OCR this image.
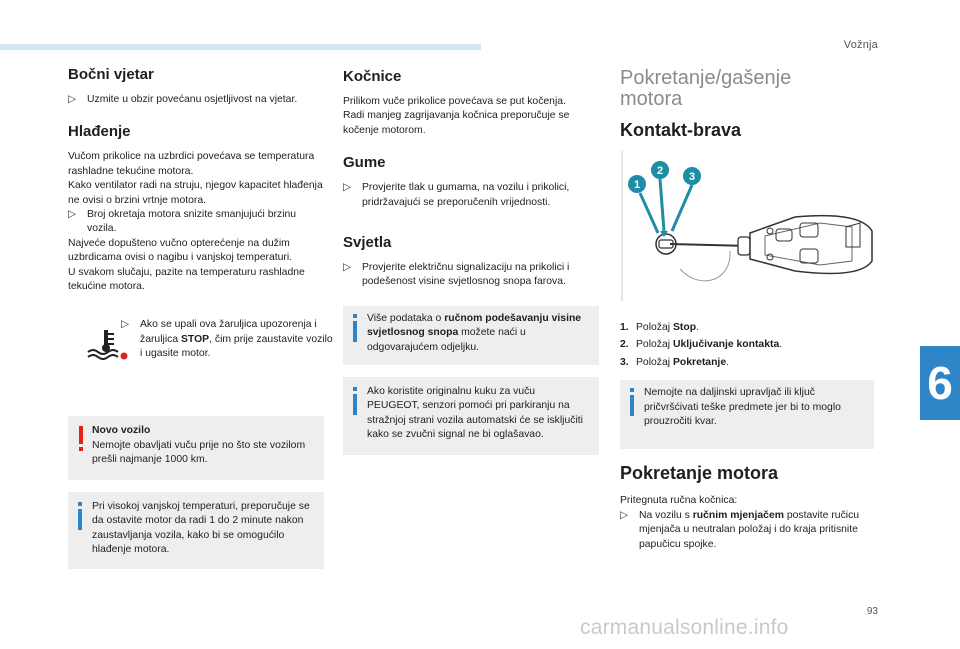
Vožnja
6
93
Bočni vjetar

▷ Uzmite u obzir povećanu osjetljivost na vjetar.

Hlađenje

Vučom prikolice na uzbrdici povećava se temperatura rashladne tekućine motora.

Kako ventilator radi na struju, njegov kapacitet hlađenja ne ovisi o brzini vrtnje motora.

▷ Broj okretaja motora snizite smanjujući brzinu vozila.

Najveće dopušteno vučno opterećenje na dužim uzbrdicama ovisi o nagibu i vanjskoj temperaturi.

U svakom slučaju, pazite na temperaturu rashladne tekućine motora.

▷ Ako se upali ova žaruljica upozorenja i žaruljica STOP, čim prije zaustavite vozilo i ugasite motor.

Novo vozilo

Nemojte obavljati vuču prije no što ste vozilom prešli najmanje 1000 km.

Pri visokoj vanjskoj temperaturi, preporučuje se da ostavite motor da radi 1 do 2 minute nakon zaustavljanja vozila, kako bi se omogućilo hlađenje motora.

Kočnice

Prilikom vuče prikolice povećava se put kočenja.

Radi manjeg zagrijavanja kočnica preporučuje se kočenje motorom.

Gume

▷ Provjerite tlak u gumama, na vozilu i prikolici, pridržavajući se preporučenih vrijednosti.

Svjetla

▷ Provjerite električnu signalizaciju na prikolici i podešenost visine svjetlosnog snopa farova.

Više podataka o ručnom podešavanju visine svjetlosnog snopa možete naći u odgovarajućem odjeljku.

Ako koristite originalnu kuku za vuču PEUGEOT, senzori pomoći pri parkiranju na stražnjoj strani vozila automatski će se isključiti kako se zvučni signal ne bi oglašavao.

Pokretanje/gašenje
motora
Kontakt-brava
1
2 3

1. Položaj Stop.

2. Položaj Uključivanje kontakta.

3. Položaj Pokretanje.

Nemojte na daljinski upravljač ili ključ pričvršćivati teške predmete jer bi to moglo prouzročiti kvar.

Pokretanje motora

Pritegnuta ručna kočnica:

▷ Na vozilu s ručnim mjenjačem postavite ručicu mjenjača u neutralan položaj i do kraja pritisnite papučicu spojke.

carmanualsonline.info
